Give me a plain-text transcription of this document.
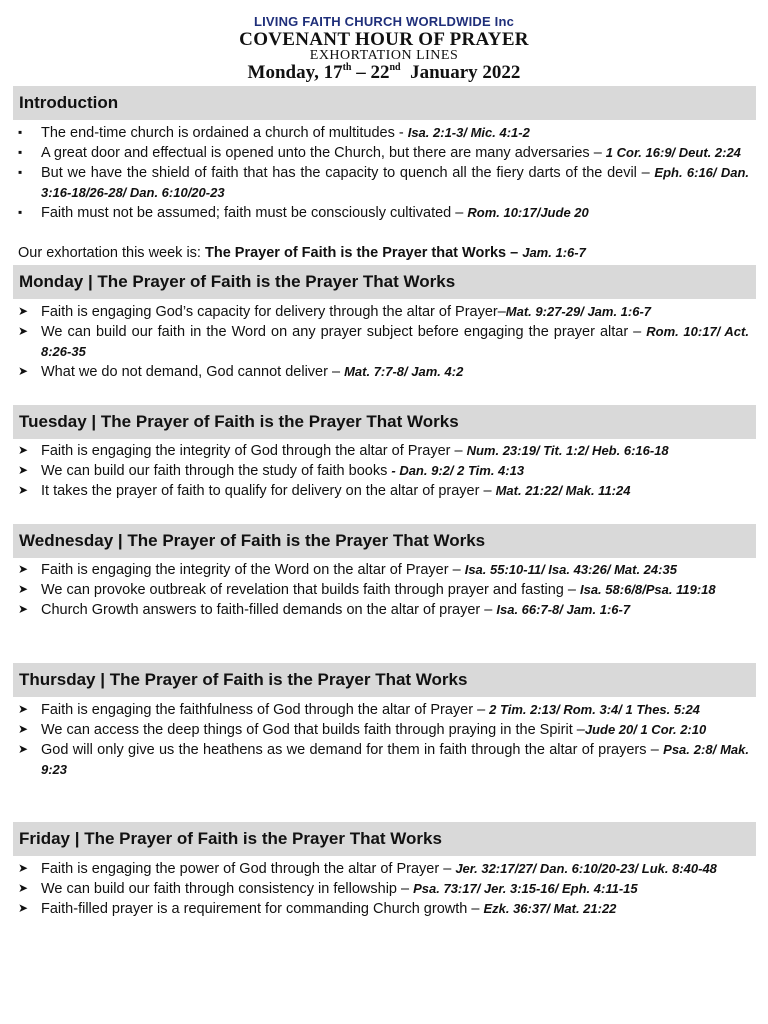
LIVING FAITH CHURCH WORLDWIDE Inc
COVENANT HOUR OF PRAYER
EXHORTATION LINES
Monday, 17th – 22nd  January 2022
Introduction
▪	The end-time church is ordained a church of multitudes - Isa. 2:1-3/ Mic. 4:1-2
▪	A great door and effectual is opened unto the Church, but there are many adversaries – 1 Cor. 16:9/ Deut. 2:24
▪	But we have the shield of faith that has the capacity to quench all the fiery darts of the devil – Eph. 6:16/ Dan. 3:16-18/26-28/ Dan. 6:10/20-23
▪	Faith must not be assumed; faith must be consciously cultivated – Rom. 10:17/Jude 20
Our exhortation this week is: The Prayer of Faith is the Prayer that Works – Jam. 1:6-7
Monday | The Prayer of Faith is the Prayer That Works
➤ Faith is engaging God’s capacity for delivery through the altar of Prayer–Mat. 9:27-29/ Jam. 1:6-7
➤ We can build our faith in the Word on any prayer subject before engaging the prayer altar – Rom. 10:17/ Act. 8:26-35
➤ What we do not demand, God cannot deliver – Mat. 7:7-8/ Jam. 4:2
Tuesday | The Prayer of Faith is the Prayer That Works
➤ Faith is engaging the integrity of God through the altar of Prayer – Num. 23:19/ Tit. 1:2/ Heb. 6:16-18
➤ We can build our faith through the study of faith books - Dan. 9:2/ 2 Tim. 4:13
➤ It takes the prayer of faith to qualify for delivery on the altar of prayer – Mat. 21:22/ Mak. 11:24
Wednesday | The Prayer of Faith is the Prayer That Works
➤ Faith is engaging the integrity of the Word on the altar of Prayer – Isa. 55:10-11/ Isa. 43:26/ Mat. 24:35
➤ We can provoke outbreak of revelation that builds faith through prayer and fasting – Isa. 58:6/8/Psa. 119:18
➤ Church Growth answers to faith-filled demands on the altar of prayer – Isa. 66:7-8/ Jam. 1:6-7
Thursday | The Prayer of Faith is the Prayer That Works
➤ Faith is engaging the faithfulness of God through the altar of Prayer – 2 Tim. 2:13/ Rom. 3:4/ 1 Thes. 5:24
➤ We can access the deep things of God that builds faith through praying in the Spirit –Jude 20/ 1 Cor. 2:10
➤ God will only give us the heathens as we demand for them in faith through the altar of prayers – Psa. 2:8/ Mak. 9:23
Friday | The Prayer of Faith is the Prayer That Works
➤ Faith is engaging the power of God through the altar of Prayer – Jer. 32:17/27/ Dan. 6:10/20-23/ Luk. 8:40-48
➤ We can build our faith through consistency in fellowship – Psa. 73:17/ Jer. 3:15-16/ Eph. 4:11-15
➤ Faith-filled prayer is a requirement for commanding Church growth – Ezk. 36:37/ Mat. 21:22
